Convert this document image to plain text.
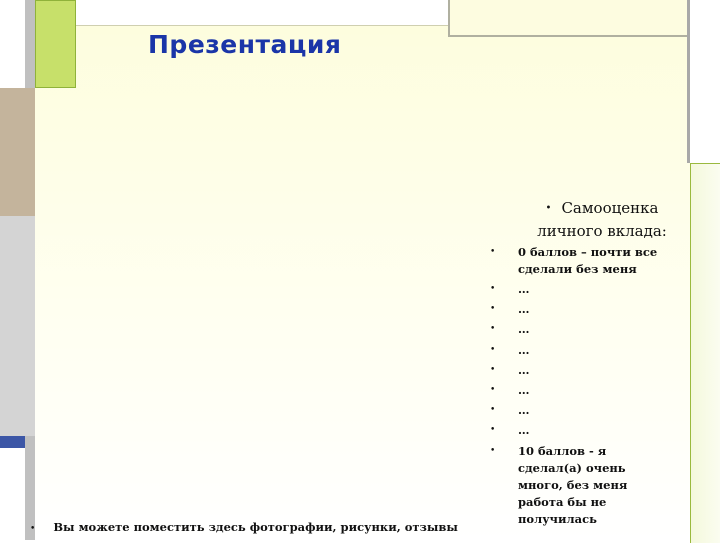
Презентация
• Самооценка
личного вклада:
• 0 баллов – почти все сделали без меня
• …
• …
• …
• …
• …
• …
• …
• …
• 10 баллов - я сделал(а) очень много, без меня работа бы не получилась
• Вы можете поместить здесь фотографии, рисунки, отзывы
